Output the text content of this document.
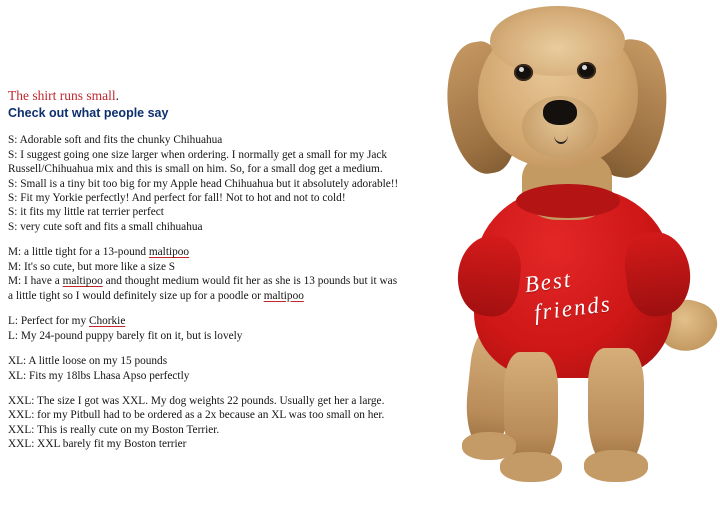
The shirt runs small.

Check out what people say

S: Adorable soft and fits the chunky Chihuahua

S: I suggest going one size larger when ordering. I normally get a small for my Jack

Russell/Chihuahua mix and this is small on him. So, for a small dog get a medium.

S: Small is a tiny bit too big for my Apple head Chihuahua but it absolutely adorable!!

S: Fit my Yorkie perfectly! And perfect for fall! Not to hot and not to cold!

S: it fits my little rat terrier perfect

S: very cute soft and fits a small chihuahua

M: a little tight for a 13-pound maltipoo

M: It's so cute, but more like a size S

M: I have a maltipoo and thought medium would fit her as she is 13 pounds but it was

a little tight so I would definitely size up for a poodle or maltipoo

L: Perfect for my Chorkie

L: My 24-pound puppy barely fit on it, but is lovely

XL: A little loose on my 15 pounds

XL: Fits my 18lbs Lhasa Apso perfectly

XXL: The size I got was XXL. My dog weights 22 pounds. Usually get her a large.

XXL: for my Pitbull had to be ordered as a 2x because an XL was too small on her.

XXL: This is really cute on my Boston Terrier.

XXL: XXL barely fit my Boston terrier

Best
friends
